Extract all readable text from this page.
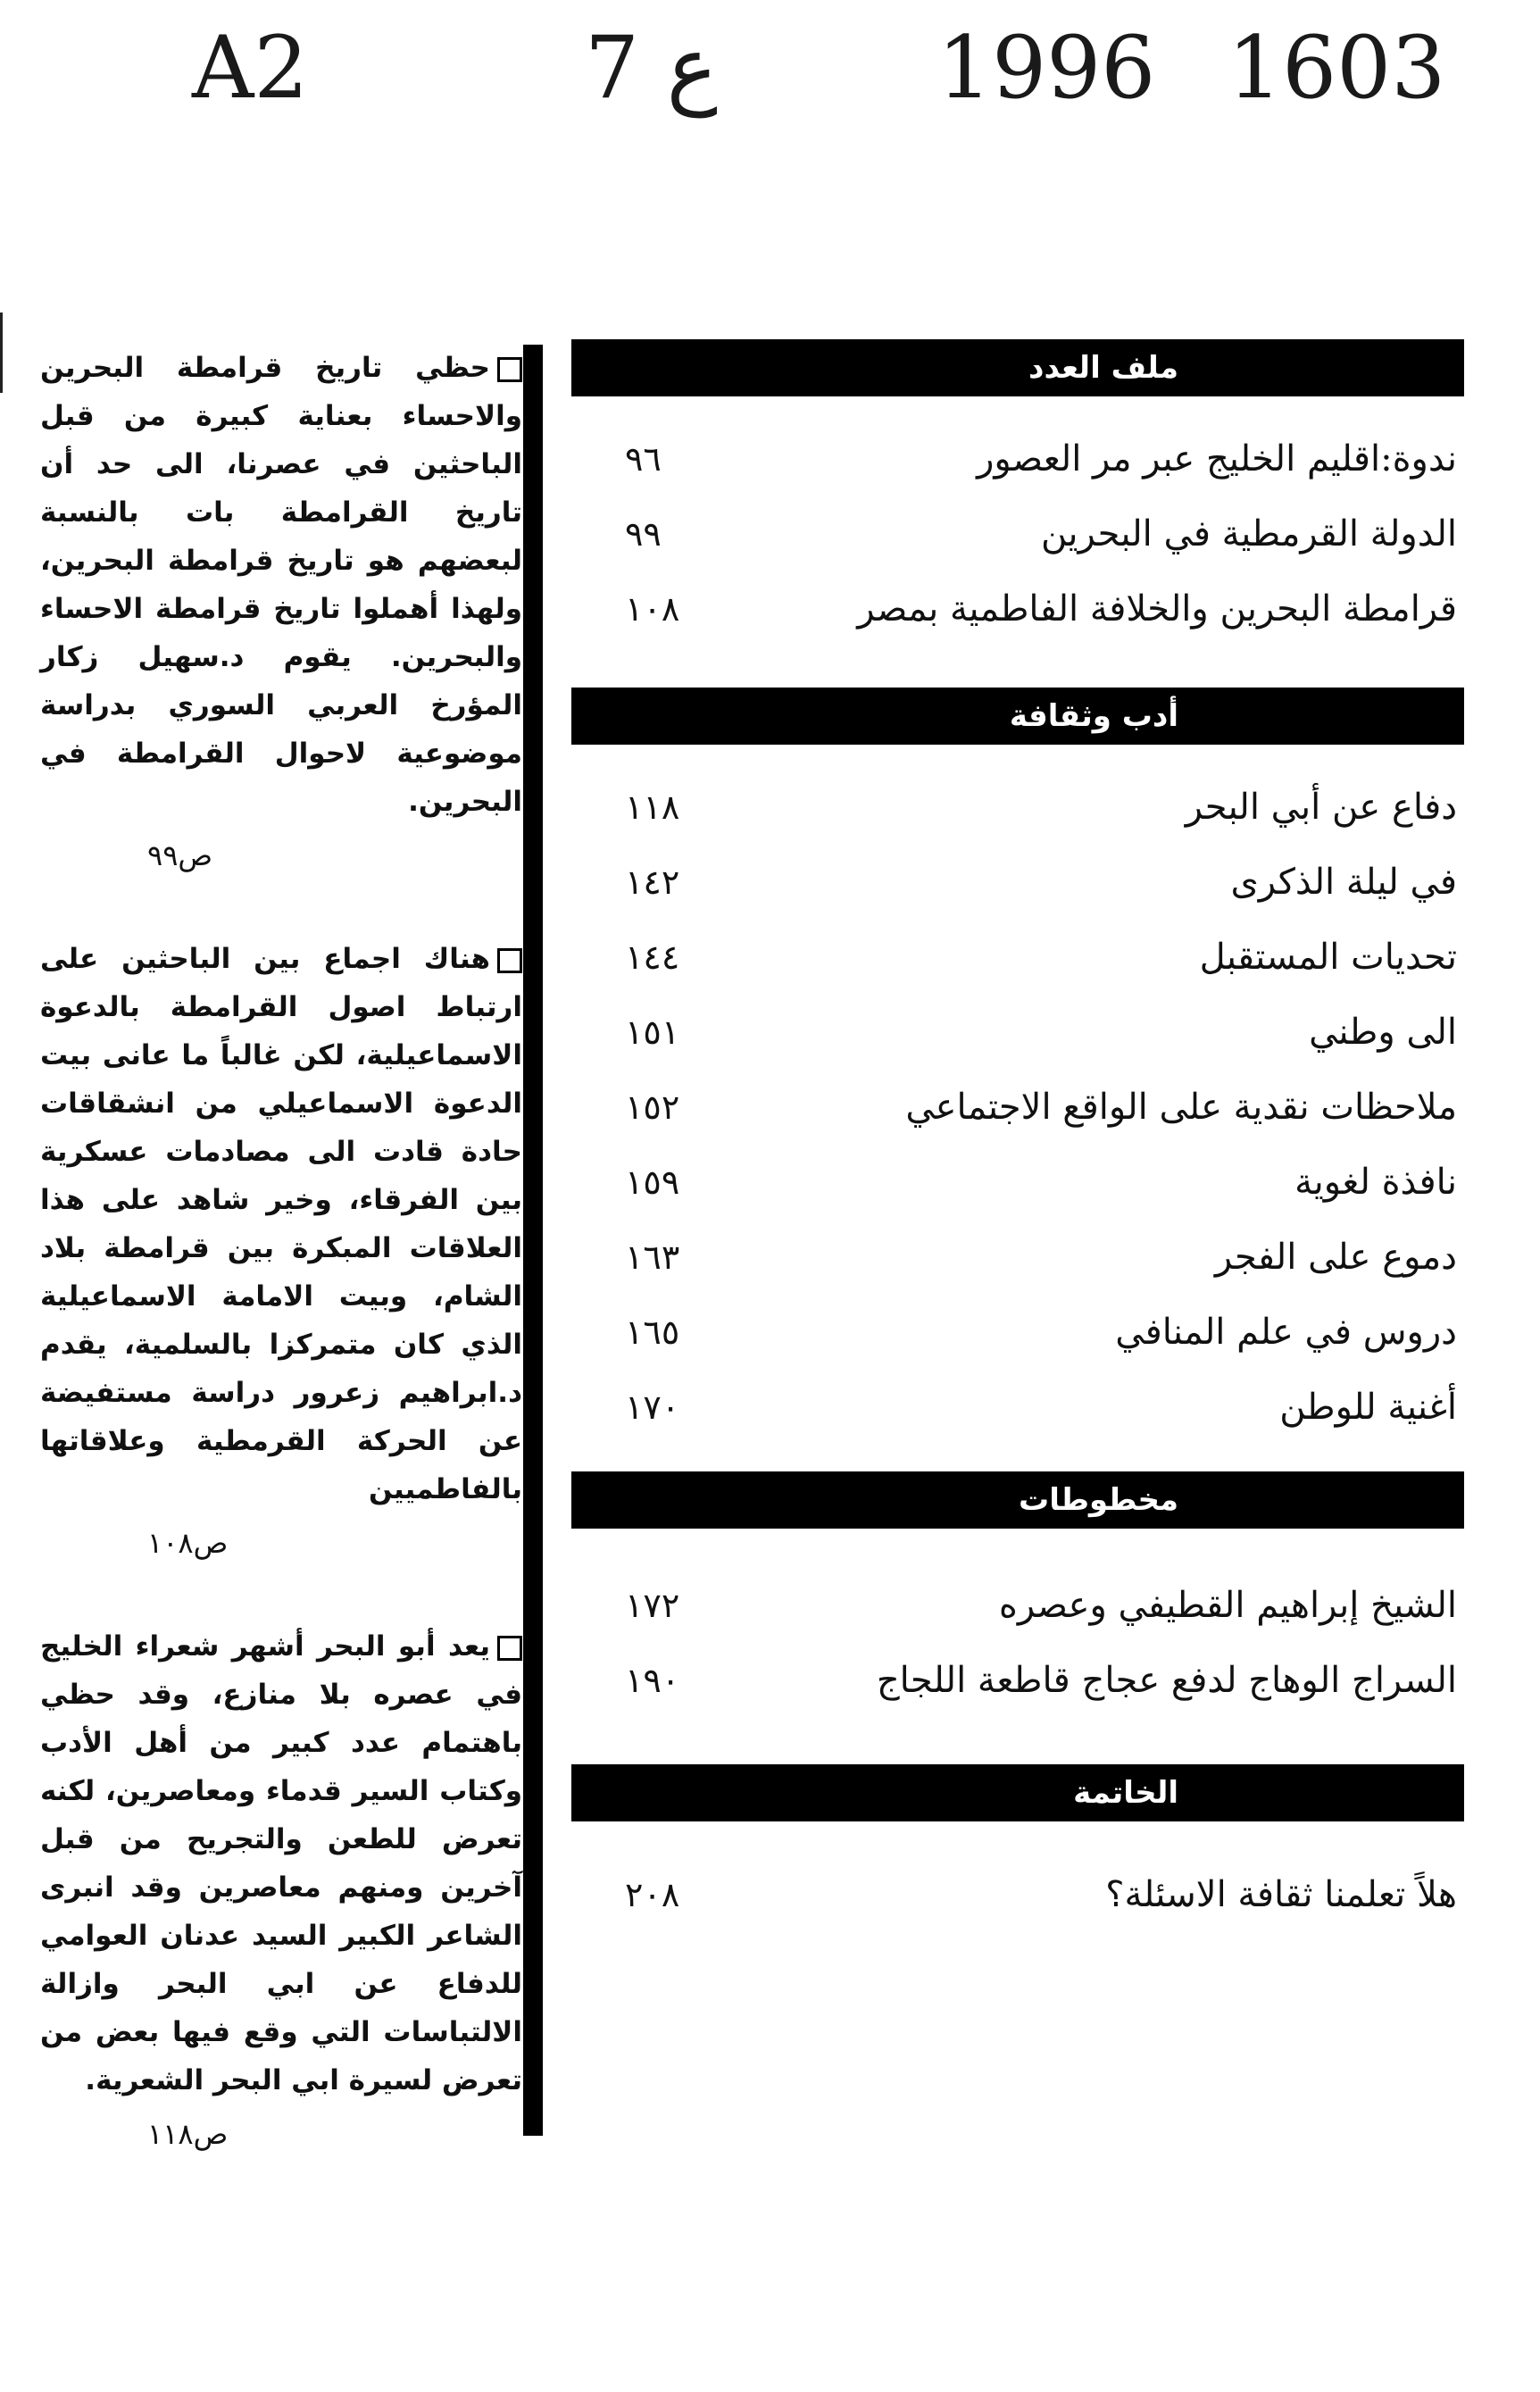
A2	7 ع	1996 1603
ملف العدد
ندوة:اقليم الخليج عبر مر العصور
٩٦
الدولة القرمطية في البحرين
٩٩
قرامطة البحرين والخلافة الفاطمية بمصر
١٠٨
أدب وثقافة
دفاع عن أبي البحر
١١٨
في ليلة الذكرى
١٤٢
تحديات المستقبل
١٤٤
الى وطني
١٥١
ملاحظات نقدية على الواقع الاجتماعي
١٥٢
نافذة لغوية
١٥٩
دموع على الفجر
١٦٣
دروس في علم المنافي
١٦٥
أغنية للوطن
١٧٠
مخطوطات
الشيخ إبراهيم القطيفي وعصره
١٧٢
السراج الوهاج لدفع عجاج قاطعة اللجاج
١٩٠
الخاتمة
هلاً تعلمنا ثقافة الاسئلة؟
٢٠٨
حظي تاريخ قرامطة البحرين والاحساء بعناية كبيرة من قبل الباحثين في عصرنا، الى حد أن تاريخ القرامطة بات بالنسبة لبعضهم هو تاريخ قرامطة البحرين، ولهذا أهملوا تاريخ قرامطة الاحساء والبحرين. يقوم د.سهيل زكار المؤرخ العربي السوري بدراسة موضوعية لاحوال القرامطة في البحرين.
ص٩٩
هناك اجماع بين الباحثين على ارتباط اصول القرامطة بالدعوة الاسماعيلية، لكن غالباً ما عانى بيت الدعوة الاسماعيلي من انشقاقات حادة قادت الى مصادمات عسكرية بين الفرقاء، وخير شاهد على هذا العلاقات المبكرة بين قرامطة بلاد الشام، وبيت الامامة الاسماعيلية الذي كان متمركزا بالسلمية، يقدم د.ابراهيم زعرور دراسة مستفيضة عن الحركة القرمطية وعلاقاتها بالفاطميين
ص١٠٨
يعد أبو البحر أشهر شعراء الخليج في عصره بلا منازع، وقد حظي باهتمام عدد كبير من أهل الأدب وكتاب السير قدماء ومعاصرين، لكنه تعرض للطعن والتجريح من قبل آخرين ومنهم معاصرين وقد انبرى الشاعر الكبير السيد عدنان العوامي للدفاع عن ابي البحر وازالة الالتباسات التي وقع فيها بعض من تعرض لسيرة ابي البحر الشعرية.
ص١١٨
